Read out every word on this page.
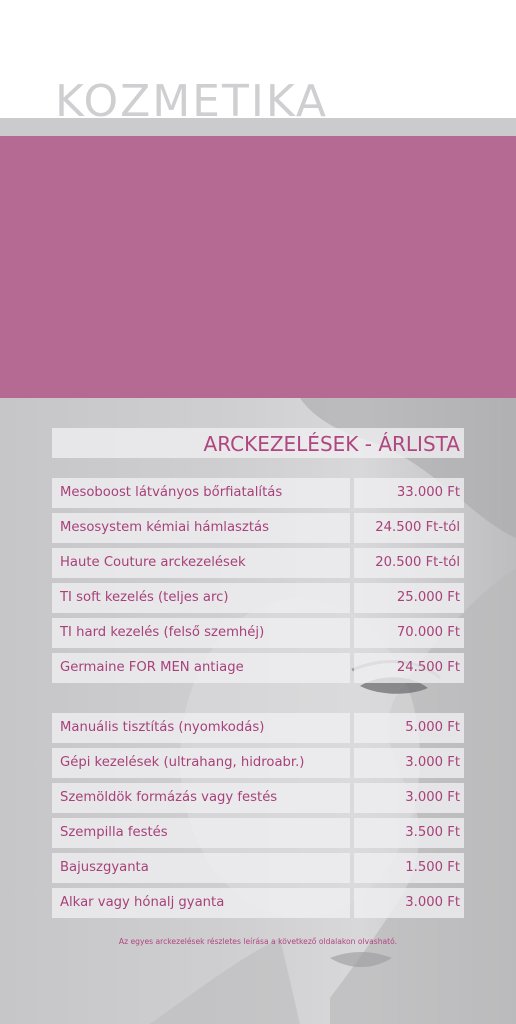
KOZMETIKA
ARCKEZELÉSEK - ÁRLISTA
Mesoboost látványos bőrfiatalítás	33.000 Ft
Mesosystem kémiai hámlasztás	24.500 Ft-tól
Haute Couture arckezelések	20.500 Ft-tól
TI soft kezelés (teljes arc)	25.000 Ft
TI hard kezelés (felső szemhéj)	70.000 Ft
Germaine FOR MEN antiage	24.500 Ft
Manuális tisztítás (nyomkodás)	5.000 Ft
Gépi kezelések (ultrahang, hidroabr.)	3.000 Ft
Szemöldök formázás vagy festés	3.000 Ft
Szempilla festés	3.500 Ft
Bajuszgyanta	1.500 Ft
Alkar vagy hónalj gyanta	3.000 Ft
Az egyes arckezelések részletes leírása a következő oldalakon olvasható.
